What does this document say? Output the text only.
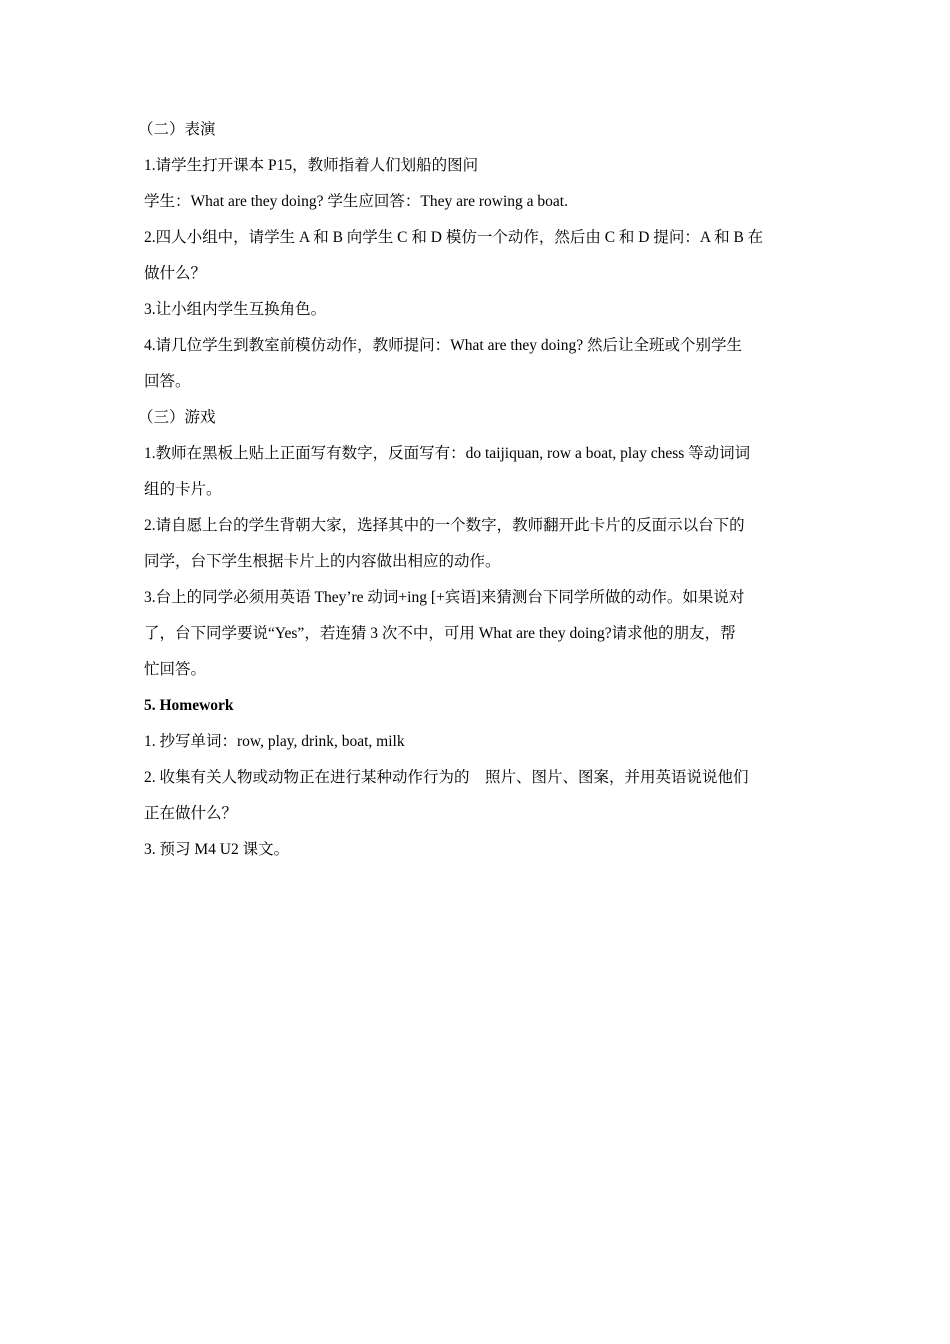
（二）表演
1.请学生打开课本 P15，教师指着人们划船的图问
学生：What are they doing? 学生应回答：They are rowing a boat.
2.四人小组中，请学生 A 和 B 向学生 C 和 D 模仿一个动作，然后由 C 和 D 提问：A 和 B 在
做什么？
3.让小组内学生互换角色。
4.请几位学生到教室前模仿动作，教师提问：What are they doing? 然后让全班或个别学生
回答。
（三）游戏
1.教师在黑板上贴上正面写有数字，反面写有：do taijiquan, row a boat, play chess 等动词词
组的卡片。
2.请自愿上台的学生背朝大家，选择其中的一个数字，教师翻开此卡片的反面示以台下的
同学，台下学生根据卡片上的内容做出相应的动作。
3.台上的同学必须用英语 They’re 动词+ing [+宾语]来猜测台下同学所做的动作。如果说对
了，台下同学要说“Yes”，若连猜 3 次不中，可用 What are they doing?请求他的朋友，帮
忙回答。
5. Homework
1. 抄写单词：row, play, drink, boat, milk
2. 收集有关人物或动物正在进行某种动作行为的　照片、图片、图案，并用英语说说他们
正在做什么？
3. 预习 M4 U2 课文。
